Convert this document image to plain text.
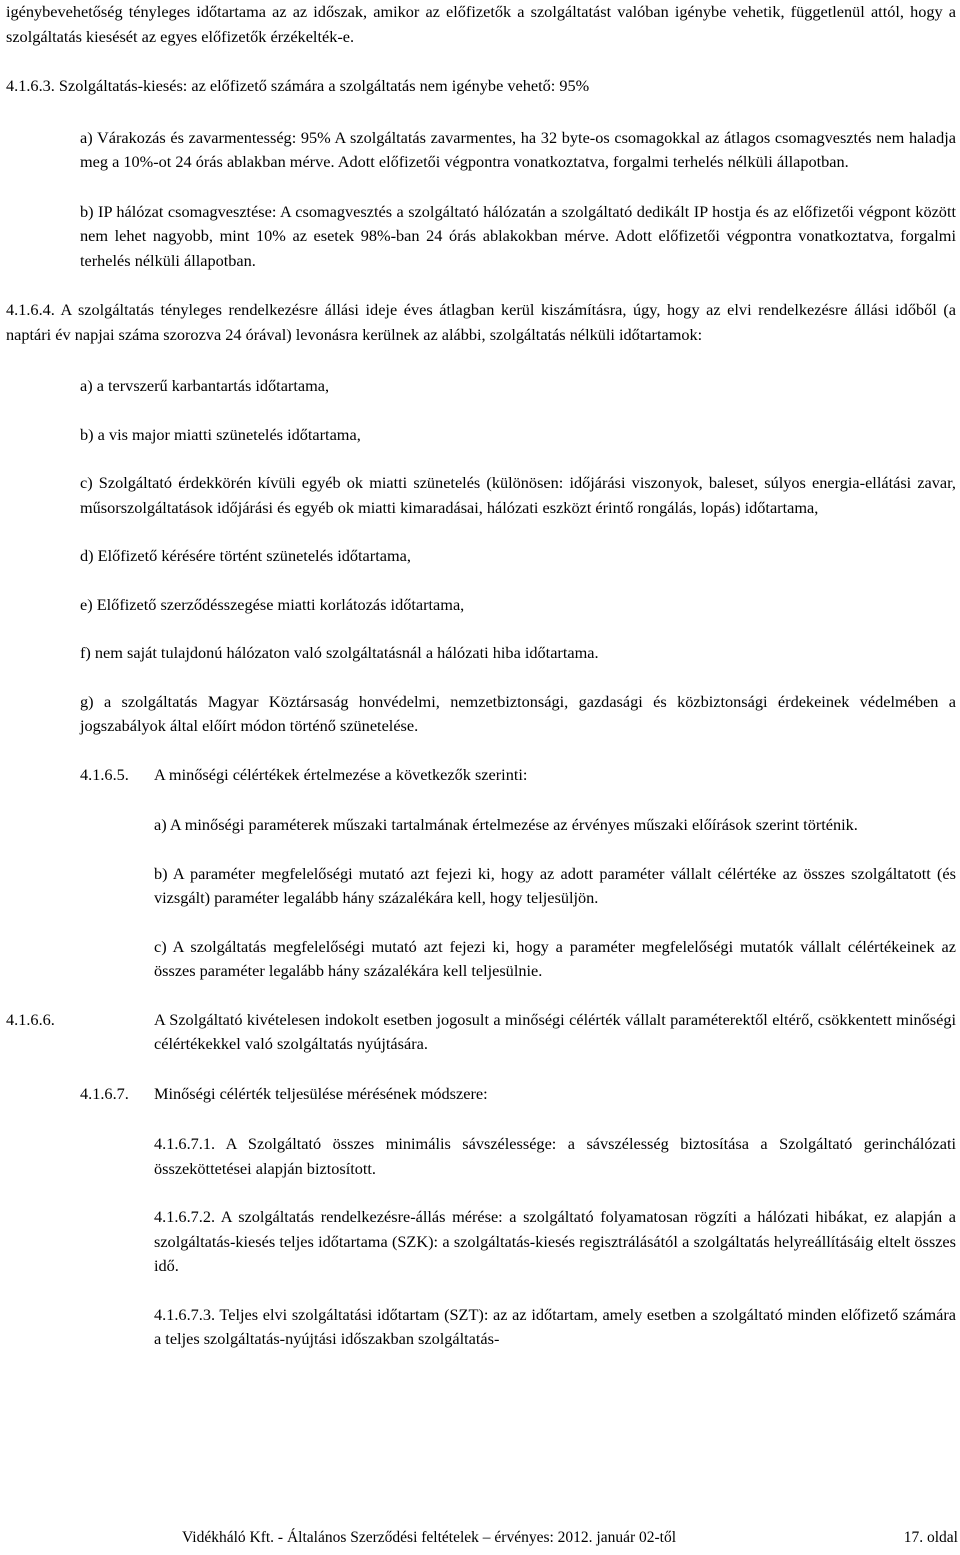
igénybevehetőség tényleges időtartama az az időszak, amikor az előfizetők a szolgáltatást valóban igénybe vehetik, függetlenül attól, hogy a szolgáltatás kiesését az egyes előfizetők érzékelték-e.

4.1.6.3. Szolgáltatás-kiesés: az előfizető számára a szolgáltatás nem igénybe vehető: 95%

a) Várakozás és zavarmentesség: 95% A szolgáltatás zavarmentes, ha 32 byte-os csomagokkal az átlagos csomagvesztés nem haladja meg a 10%-ot 24 órás ablakban mérve. Adott előfizetői végpontra vonatkoztatva, forgalmi terhelés nélküli állapotban.

b) IP hálózat csomagvesztése: A csomagvesztés a szolgáltató hálózatán a szolgáltató dedikált IP hostja és az előfizetői végpont között nem lehet nagyobb, mint 10% az esetek 98%-ban 24 órás ablakokban mérve. Adott előfizetői végpontra vonatkoztatva, forgalmi terhelés nélküli állapotban.

4.1.6.4. A szolgáltatás tényleges rendelkezésre állási ideje éves átlagban kerül kiszámításra, úgy, hogy az elvi rendelkezésre állási időből (a naptári év napjai száma szorozva 24 órával) levonásra kerülnek az alábbi, szolgáltatás nélküli időtartamok:

a) a tervszerű karbantartás időtartama,

b) a vis major miatti szünetelés időtartama,

c) Szolgáltató érdekkörén kívüli egyéb ok miatti szünetelés (különösen: időjárási viszonyok, baleset, súlyos energia-ellátási zavar, műsorszolgáltatások időjárási és egyéb ok miatti kimaradásai, hálózati eszközt érintő rongálás, lopás) időtartama,

d) Előfizető kérésére történt szünetelés időtartama,

e) Előfizető szerződésszegése miatti korlátozás időtartama,

f) nem saját tulajdonú hálózaton való szolgáltatásnál a hálózati hiba időtartama.

g) a szolgáltatás Magyar Köztársaság honvédelmi, nemzetbiztonsági, gazdasági és közbiztonsági érdekeinek védelmében a jogszabályok által előírt módon történő szünetelése.

4.1.6.5. A minőségi célértékek értelmezése a következők szerinti:

a) A minőségi paraméterek műszaki tartalmának értelmezése az érvényes műszaki előírások szerint történik.

b) A paraméter megfelelőségi mutató azt fejezi ki, hogy az adott paraméter vállalt célértéke az összes szolgáltatott (és vizsgált) paraméter legalább hány százalékára kell, hogy teljesüljön.

c) A szolgáltatás megfelelőségi mutató azt fejezi ki, hogy a paraméter megfelelőségi mutatók vállalt célértékeinek az összes paraméter legalább hány százalékára kell teljesülnie.

4.1.6.6.	A Szolgáltató kivételesen indokolt esetben jogosult a minőségi célérték vállalt paraméterektől eltérő, csökkentett minőségi célértékekkel való szolgáltatás nyújtására.

4.1.6.7. Minőségi célérték teljesülése mérésének módszere:

4.1.6.7.1. A Szolgáltató összes minimális sávszélessége: a sávszélesség biztosítása a Szolgáltató gerinchálózati összeköttetései alapján biztosított.

4.1.6.7.2. A szolgáltatás rendelkezésre-állás mérése: a szolgáltató folyamatosan rögzíti a hálózati hibákat, ez alapján a szolgáltatás-kiesés teljes időtartama (SZK): a szolgáltatás-kiesés regisztrálásától a szolgáltatás helyreállításáig eltelt összes idő.

4.1.6.7.3. Teljes elvi szolgáltatási időtartam (SZT): az az időtartam, amely esetben a szolgáltató minden előfizető számára a teljes szolgáltatás-nyújtási időszakban szolgáltatás-

Vidékháló Kft. - Általános Szerződési feltételek – érvényes: 2012. január 02-től	17. oldal
